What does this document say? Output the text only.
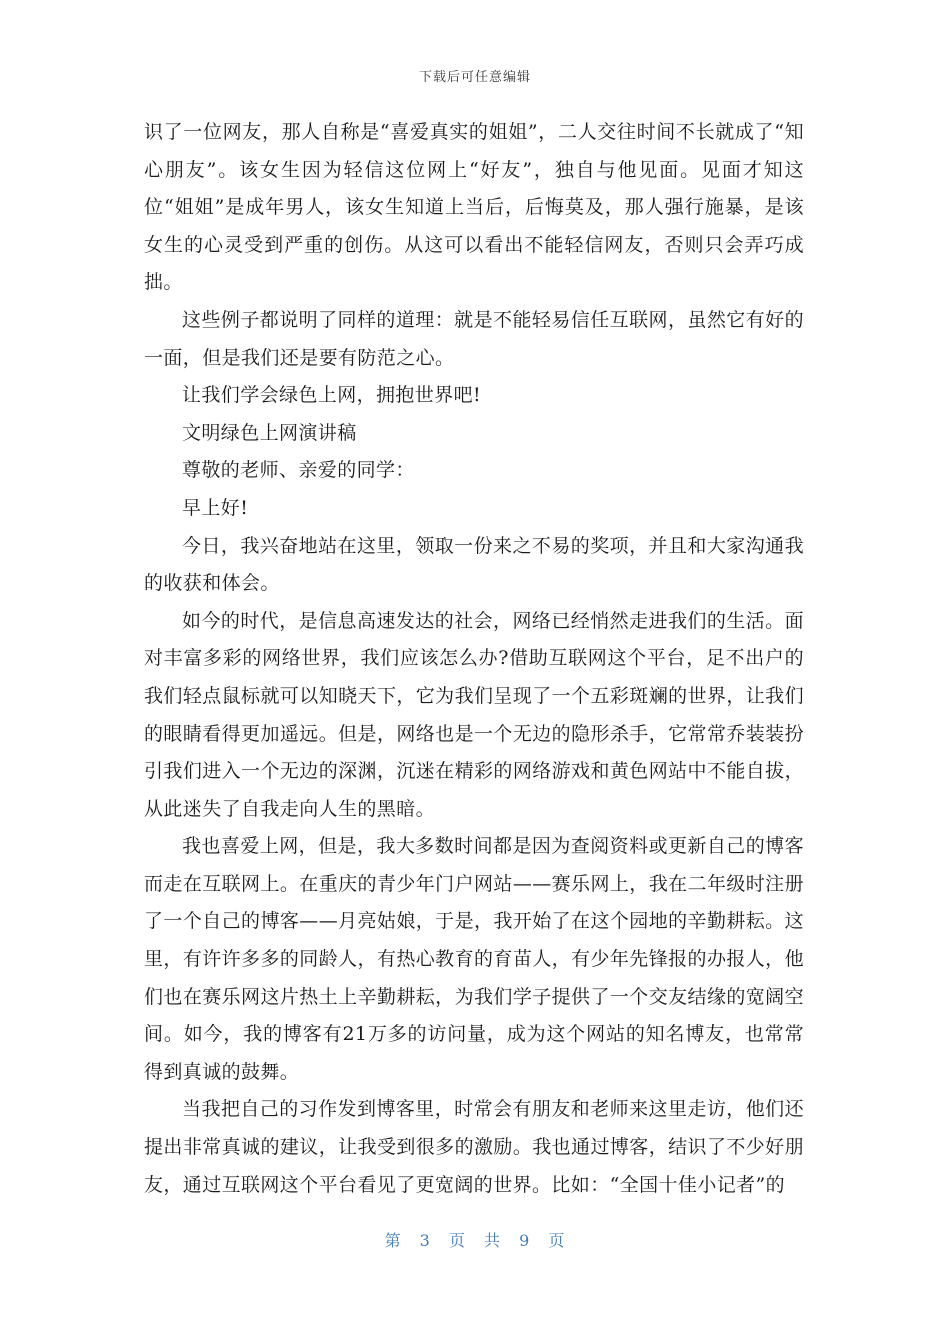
下载后可任意编辑

识了一位网友，那人自称是“喜爱真实的姐姐”，二人交往时间不长就成了“知心朋友”。该女生因为轻信这位网上“好友”，独自与他见面。见面才知这位“姐姐”是成年男人，该女生知道上当后，后悔莫及，那人强行施暴，是该女生的心灵受到严重的创伤。从这可以看出不能轻信网友，否则只会弄巧成拙。

这些例子都说明了同样的道理：就是不能轻易信任互联网，虽然它有好的一面，但是我们还是要有防范之心。

让我们学会绿色上网，拥抱世界吧!

文明绿色上网演讲稿

尊敬的老师、亲爱的同学：

早上好!

今日，我兴奋地站在这里，领取一份来之不易的奖项，并且和大家沟通我的收获和体会。

如今的时代，是信息高速发达的社会，网络已经悄然走进我们的生活。面对丰富多彩的网络世界，我们应该怎么办?借助互联网这个平台，足不出户的我们轻点鼠标就可以知晓天下，它为我们呈现了一个五彩斑斓的世界，让我们的眼睛看得更加遥远。但是，网络也是一个无边的隐形杀手，它常常乔装装扮引我们进入一个无边的深渊，沉迷在精彩的网络游戏和黄色网站中不能自拔，从此迷失了自我走向人生的黑暗。

我也喜爱上网，但是，我大多数时间都是因为查阅资料或更新自己的博客而走在互联网上。在重庆的青少年门户网站——赛乐网上，我在二年级时注册了一个自己的博客——月亮姑娘，于是，我开始了在这个园地的辛勤耕耘。这里，有许许多多的同龄人，有热心教育的育苗人，有少年先锋报的办报人，他们也在赛乐网这片热土上辛勤耕耘，为我们学子提供了一个交友结缘的宽阔空间。如今，我的博客有21万多的访问量，成为这个网站的知名博友，也常常得到真诚的鼓舞。

当我把自己的习作发到博客里，时常会有朋友和老师来这里走访，他们还提出非常真诚的建议，让我受到很多的激励。我也通过博客，结识了不少好朋友，通过互联网这个平台看见了更宽阔的世界。比如：“全国十佳小记者”的

第 3 页 共 9 页
